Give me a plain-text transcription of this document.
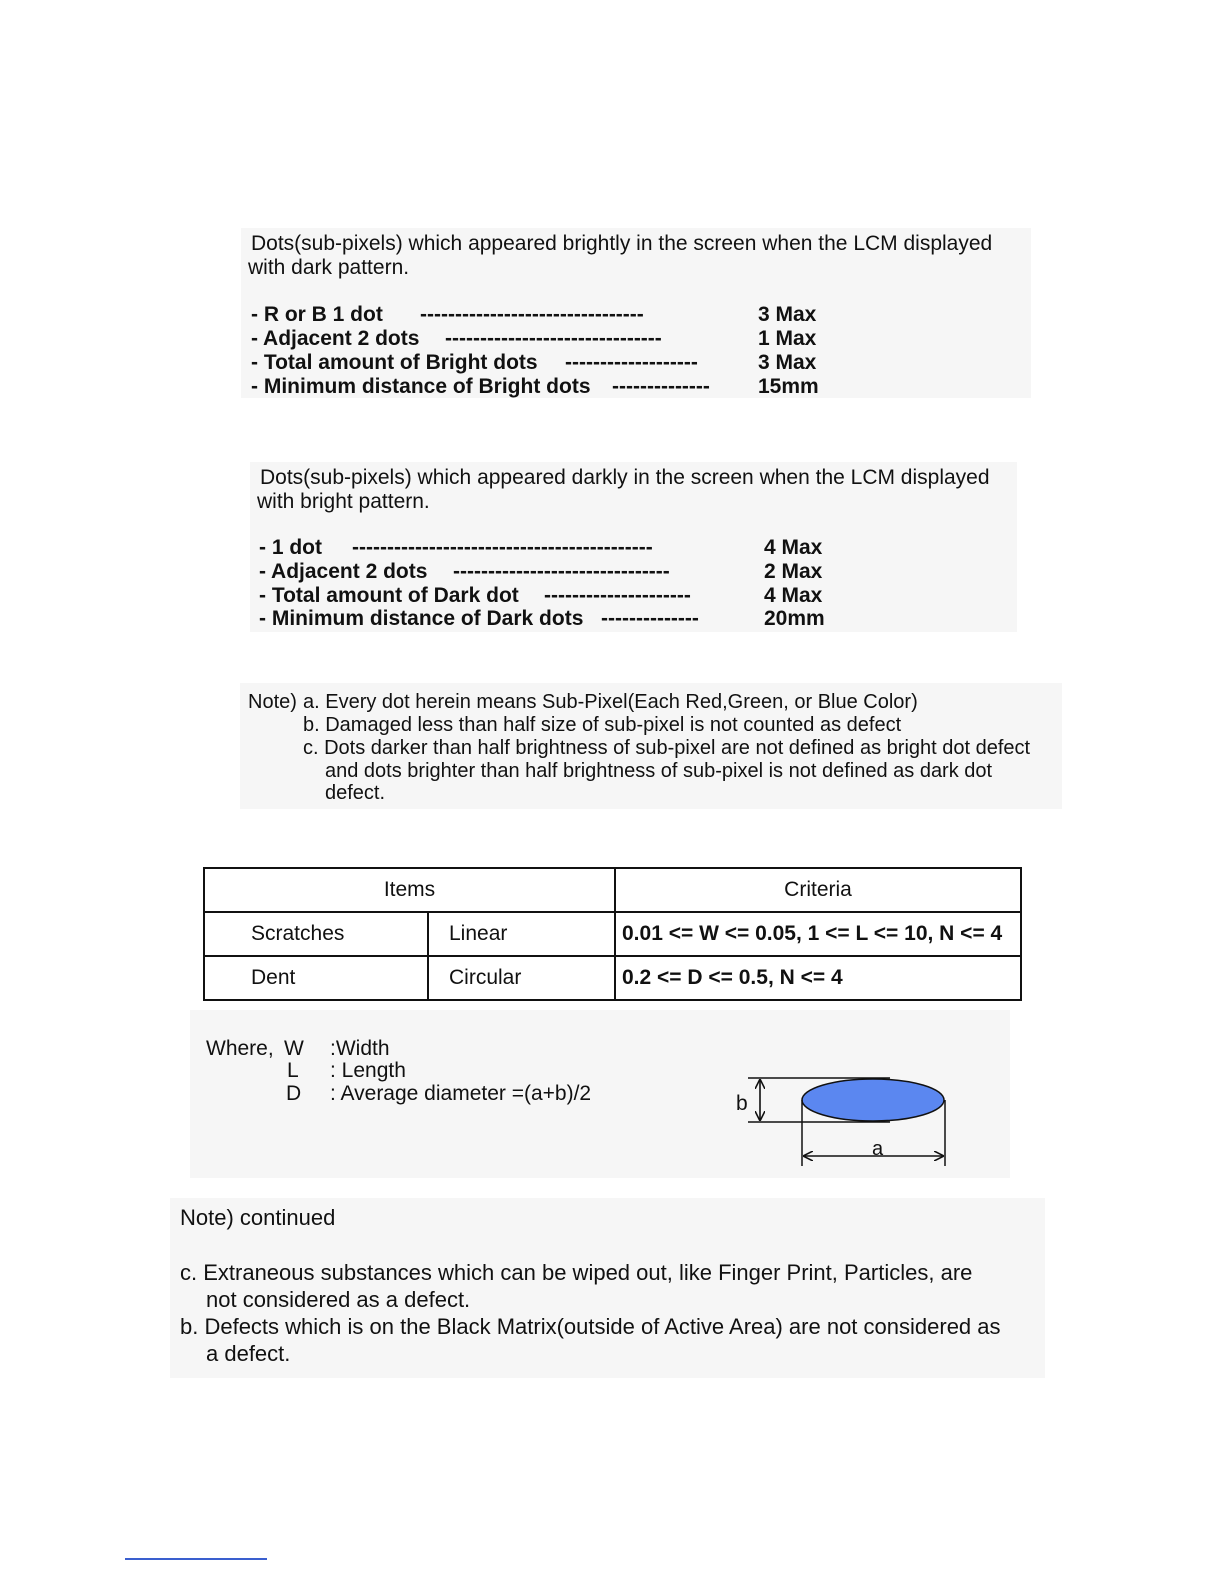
Dots(sub-pixels) which appeared brightly in the screen when the LCM displayed
with dark pattern.
- R or B 1 dot --------------------------------	3 Max
- Adjacent 2 dots -------------------------------	1 Max
- Total amount of Bright dots -------------------	3 Max
- Minimum distance of Bright dots -------------- 15mm
Dots(sub-pixels) which appeared darkly in the screen when the LCM displayed
with bright pattern.
- 1 dot -------------------------------------------	4 Max
- Adjacent 2 dots -------------------------------	2 Max
- Total amount of Dark dot ---------------------	4 Max
- Minimum distance of Dark dots --------------	20mm
Note) a. Every dot herein means Sub-Pixel(Each Red,Green, or Blue Color)
b. Damaged less than half size of sub-pixel is not counted as defect
c. Dots darker than half brightness of sub-pixel are not defined as bright dot defect
and dots brighter than half brightness of sub-pixel is not defined as dark dot
defect.
Items		Criteria
Scratches	Linear	0.01 <= W <= 0.05, 1 <= L <= 10, N <= 4
Dent	Circular	0.2 <= D <= 0.5, N <= 4
Where, W :Width
L : Length
D : Average diameter =(a+b)/2	b
a
Note) continued
c. Extraneous substances which can be wiped out, like Finger Print, Particles, are
not considered as a defect.
b. Defects which is on the Black Matrix(outside of Active Area) are not considered as
a defect.
